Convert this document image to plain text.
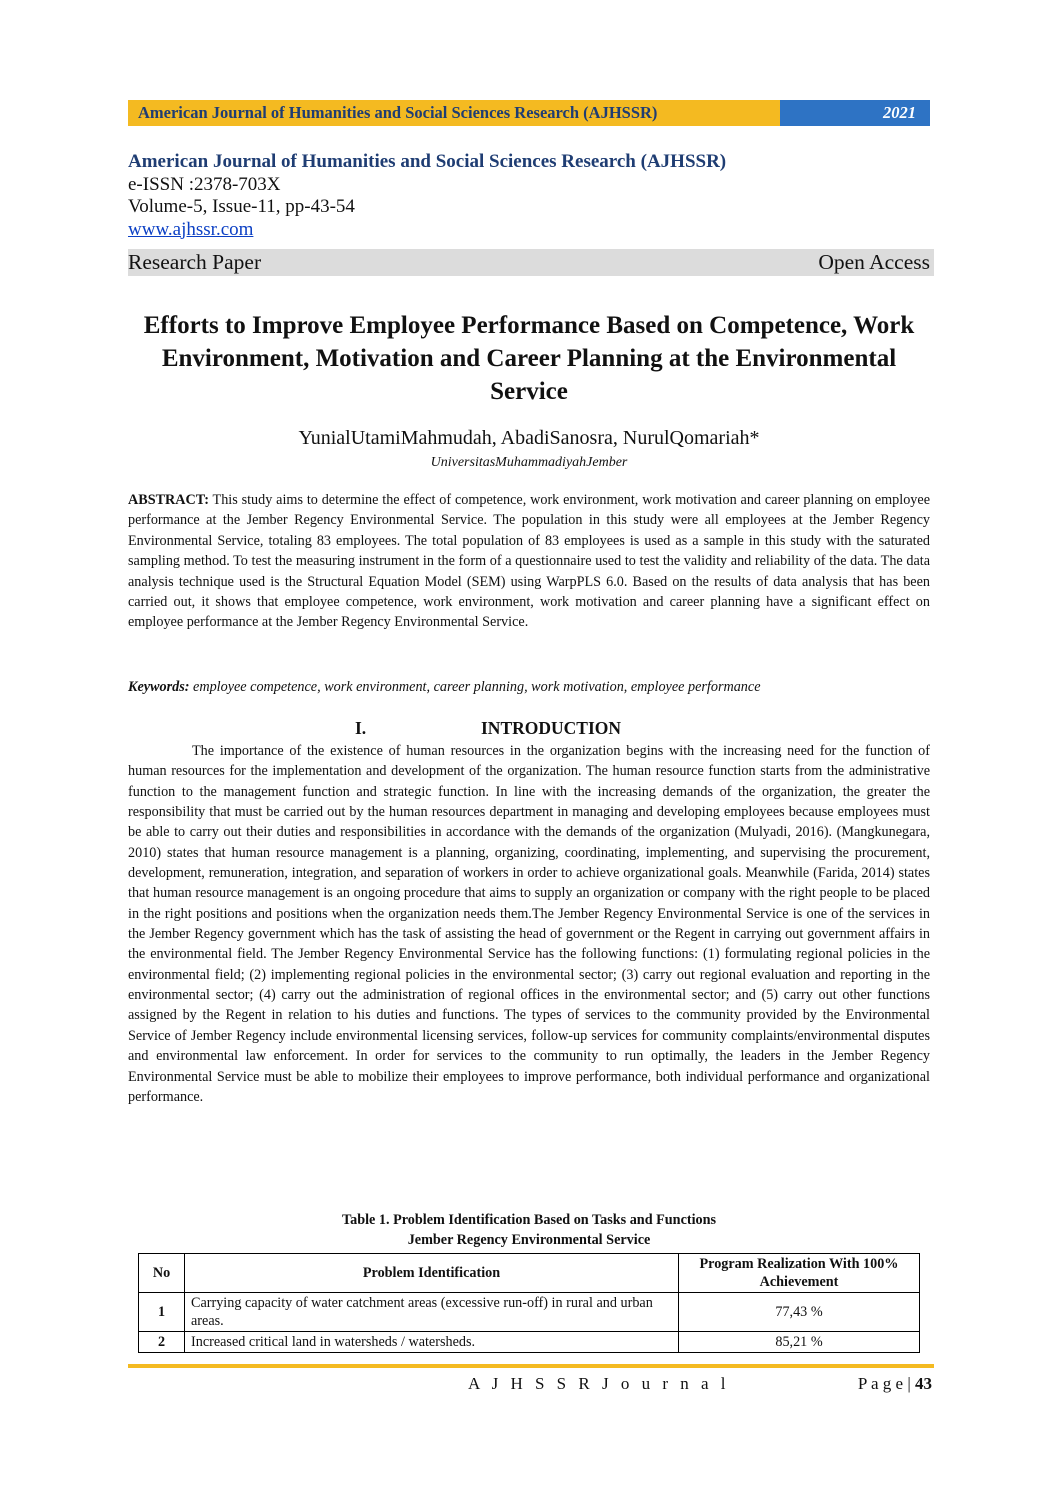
American Journal of Humanities and Social Sciences Research (AJHSSR)	2021
American Journal of Humanities and Social Sciences Research (AJHSSR)
e-ISSN :2378-703X
Volume-5, Issue-11, pp-43-54
www.ajhssr.com
Research Paper	Open Access
Efforts to Improve Employee Performance Based on Competence, Work Environment, Motivation and Career Planning at the Environmental Service
YunialUtamiMahmudah, AbadiSanosra, NurulQomariah*
UniversitasMuhammadiyahJember
ABSTRACT: This study aims to determine the effect of competence, work environment, work motivation and career planning on employee performance at the Jember Regency Environmental Service. The population in this study were all employees at the Jember Regency Environmental Service, totaling 83 employees. The total population of 83 employees is used as a sample in this study with the saturated sampling method. To test the measuring instrument in the form of a questionnaire used to test the validity and reliability of the data. The data analysis technique used is the Structural Equation Model (SEM) using WarpPLS 6.0. Based on the results of data analysis that has been carried out, it shows that employee competence, work environment, work motivation and career planning have a significant effect on employee performance at the Jember Regency Environmental Service.
Keywords: employee competence, work environment, career planning, work motivation, employee performance
I.	INTRODUCTION
The importance of the existence of human resources in the organization begins with the increasing need for the function of human resources for the implementation and development of the organization. The human resource function starts from the administrative function to the management function and strategic function. In line with the increasing demands of the organization, the greater the responsibility that must be carried out by the human resources department in managing and developing employees because employees must be able to carry out their duties and responsibilities in accordance with the demands of the organization (Mulyadi, 2016). (Mangkunegara, 2010) states that human resource management is a planning, organizing, coordinating, implementing, and supervising the procurement, development, remuneration, integration, and separation of workers in order to achieve organizational goals. Meanwhile (Farida, 2014) states that human resource management is an ongoing procedure that aims to supply an organization or company with the right people to be placed in the right positions and positions when the organization needs them.The Jember Regency Environmental Service is one of the services in the Jember Regency government which has the task of assisting the head of government or the Regent in carrying out government affairs in the environmental field. The Jember Regency Environmental Service has the following functions: (1) formulating regional policies in the environmental field; (2) implementing regional policies in the environmental sector; (3) carry out regional evaluation and reporting in the environmental sector; (4) carry out the administration of regional offices in the environmental sector; and (5) carry out other functions assigned by the Regent in relation to his duties and functions. The types of services to the community provided by the Environmental Service of Jember Regency include environmental licensing services, follow-up services for community complaints/environmental disputes and environmental law enforcement. In order for services to the community to run optimally, the leaders in the Jember Regency Environmental Service must be able to mobilize their employees to improve performance, both individual performance and organizational performance.
Table 1. Problem Identification Based on Tasks and Functions
Jember Regency Environmental Service
No	Problem Identification	Program Realization With 100% Achievement
1	Carrying capacity of water catchment areas (excessive run-off) in rural and urban areas.	77,43 %
2	Increased critical land in watersheds / watersheds.	85,21 %
A J H S S R J o u r n a l	P a g e | 43
